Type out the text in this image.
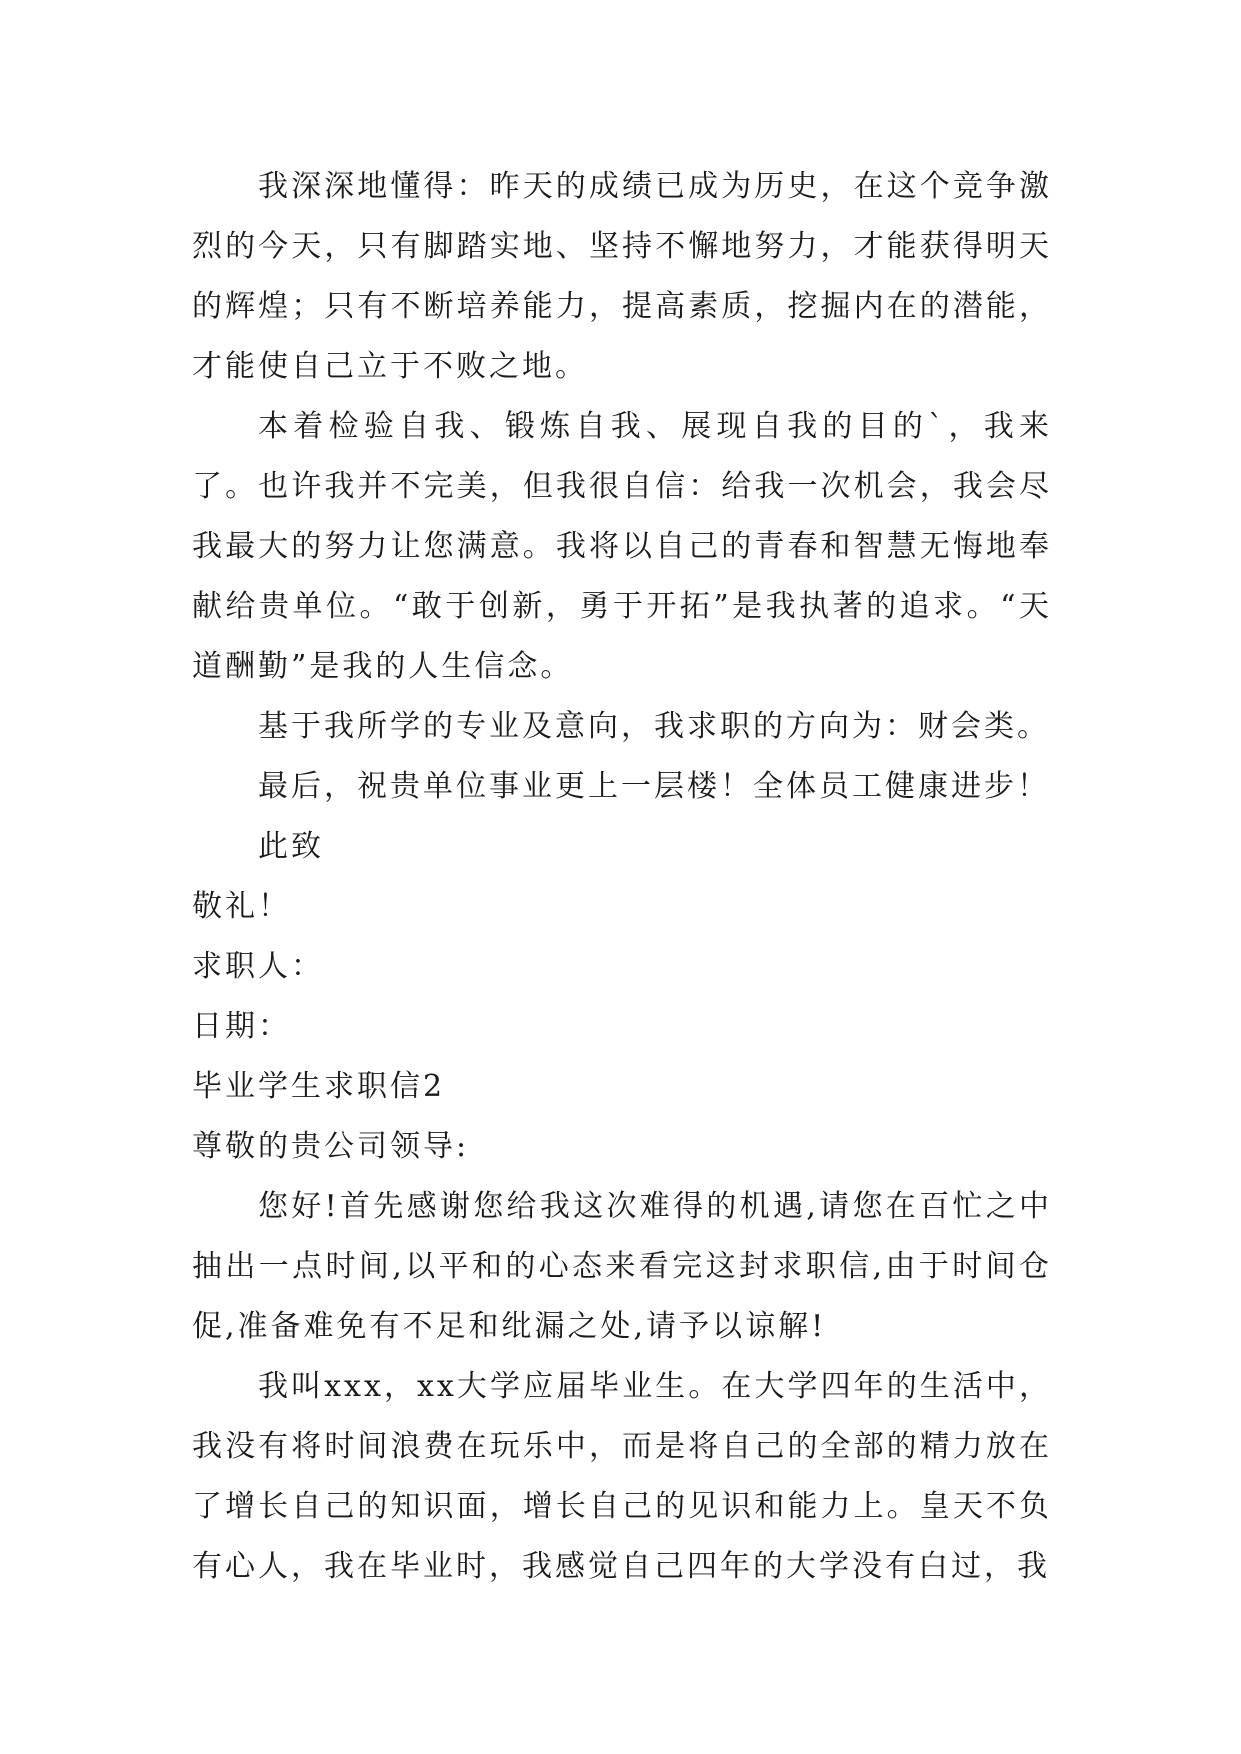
我深深地懂得：昨天的成绩已成为历史，在这个竞争激烈的今天，只有脚踏实地、坚持不懈地努力，才能获得明天的辉煌；只有不断培养能力，提高素质，挖掘内在的潜能，才能使自己立于不败之地。

本着检验自我、锻炼自我、展现自我的目的`，我来了。也许我并不完美，但我很自信：给我一次机会，我会尽我最大的努力让您满意。我将以自己的青春和智慧无悔地奉献给贵单位。“敢于创新，勇于开拓”是我执著的追求。“天道酬勤”是我的人生信念。

基于我所学的专业及意向，我求职的方向为：财会类。

最后，祝贵单位事业更上一层楼！全体员工健康进步！

此致

敬礼！

求职人：

日期：

毕业学生求职信2

尊敬的贵公司领导:

您好!首先感谢您给我这次难得的机遇,请您在百忙之中抽出一点时间,以平和的心态来看完这封求职信,由于时间仓促,准备难免有不足和纰漏之处,请予以谅解!

我叫xxx，xx大学应届毕业生。在大学四年的生活中，我没有将时间浪费在玩乐中，而是将自己的全部的精力放在了增长自己的知识面，增长自己的见识和能力上。皇天不负有心人，我在毕业时，我感觉自己四年的大学没有白过，我
